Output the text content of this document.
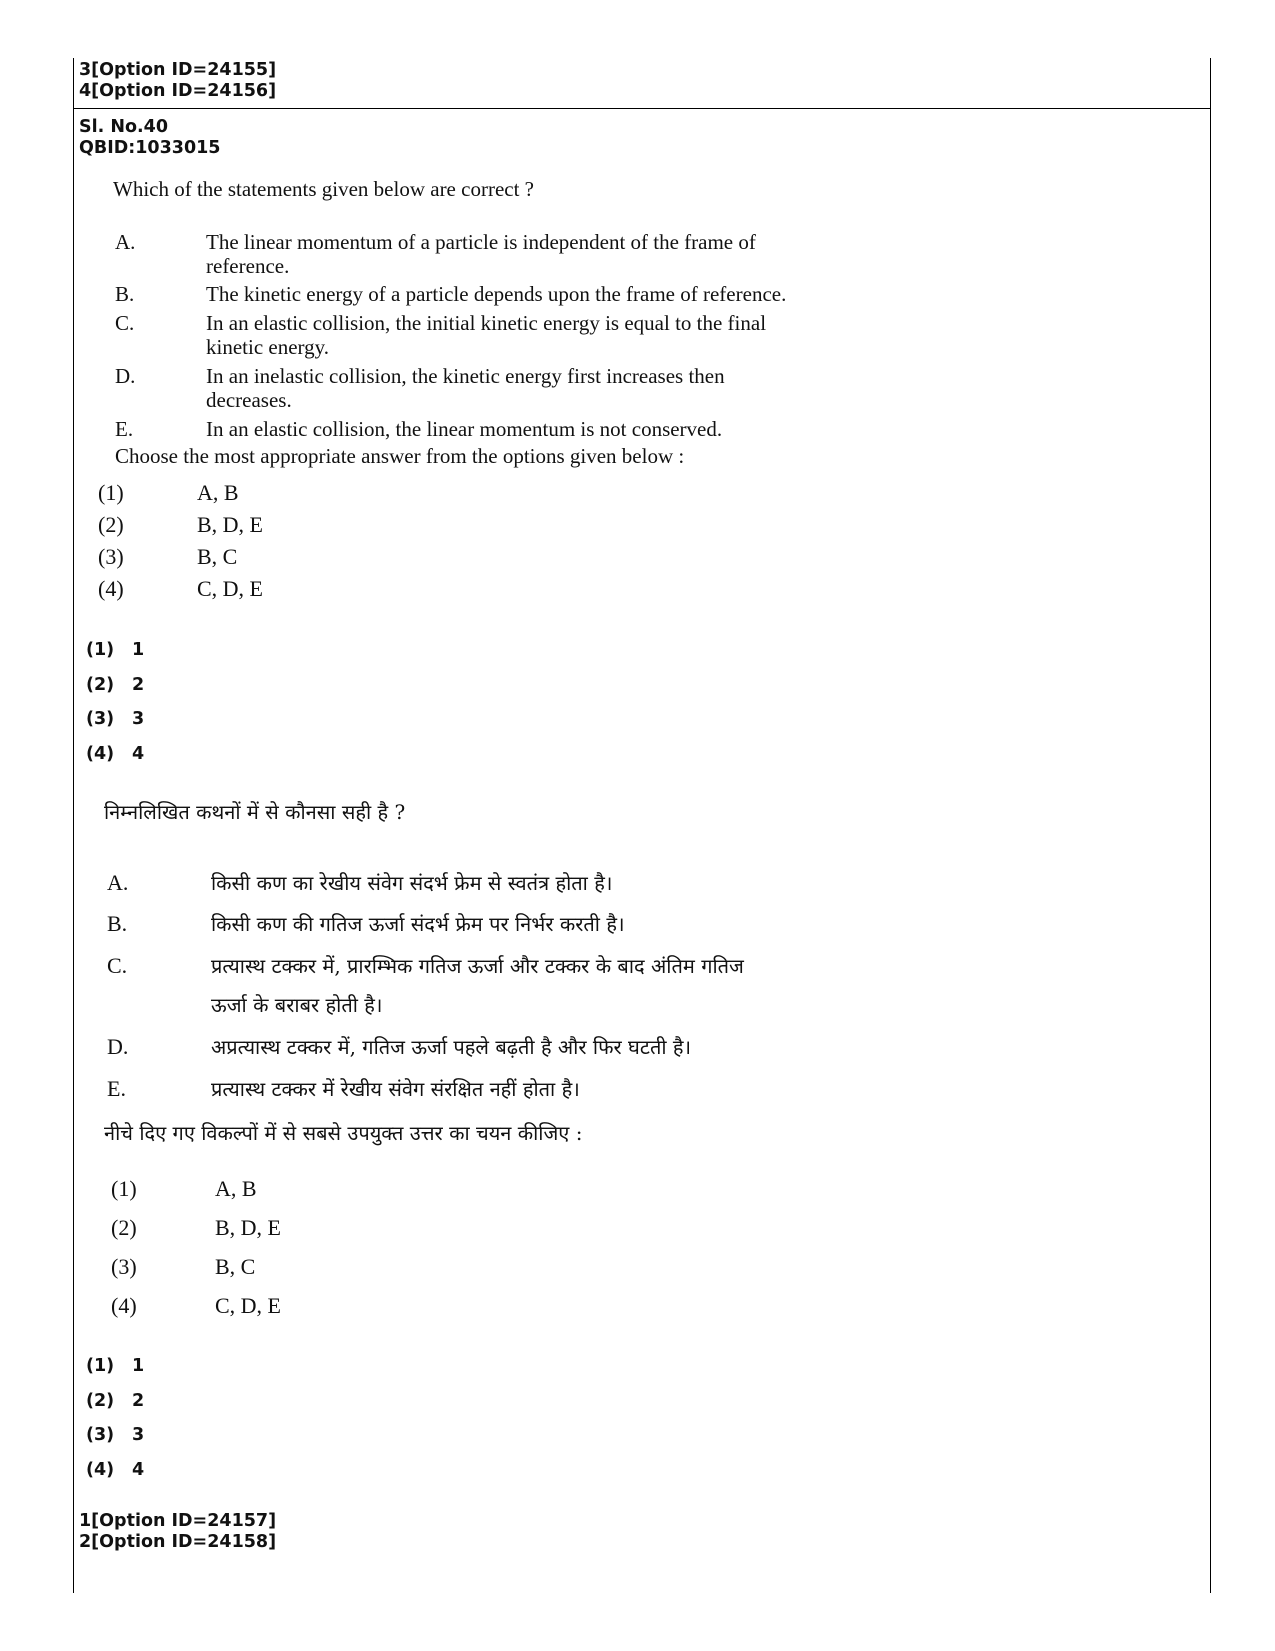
3[Option ID=24155]
4[Option ID=24156]
Sl. No.40
QBID:1033015
Which of the statements given below are correct ?
A.	The linear momentum of a particle is independent of the frame of
reference.
B.	The kinetic energy of a particle depends upon the frame of reference.
C.	In an elastic collision, the initial kinetic energy is equal to the final
kinetic energy.
D.	In an inelastic collision, the kinetic energy first increases then
decreases.
E.	In an elastic collision, the linear momentum is not conserved.
Choose the most appropriate answer from the options given below :
(1)	A, B
(2)	B, D, E
(3)	B, C
(4)	C, D, E
(1) 1
(2) 2
(3) 3
(4) 4
निम्नलिखित कथनों में से कौनसा सही है ?
A.	किसी कण का रेखीय संवेग संदर्भ फ्रेम से स्वतंत्र होता है।
B.	किसी कण की गतिज ऊर्जा संदर्भ फ्रेम पर निर्भर करती है।
C.	प्रत्यास्थ टक्कर में, प्रारम्भिक गतिज ऊर्जा और टक्कर के बाद अंतिम गतिज
ऊर्जा के बराबर होती है।
D.	अप्रत्यास्थ टक्कर में, गतिज ऊर्जा पहले बढ़ती है और फिर घटती है।
E.	प्रत्यास्थ टक्कर में रेखीय संवेग संरक्षित नहीं होता है।
नीचे दिए गए विकल्पों में से सबसे उपयुक्त उत्तर का चयन कीजिए :
(1)	A, B
(2)	B, D, E
(3)	B, C
(4)	C, D, E
(1) 1
(2) 2
(3) 3
(4) 4
1[Option ID=24157]
2[Option ID=24158]
